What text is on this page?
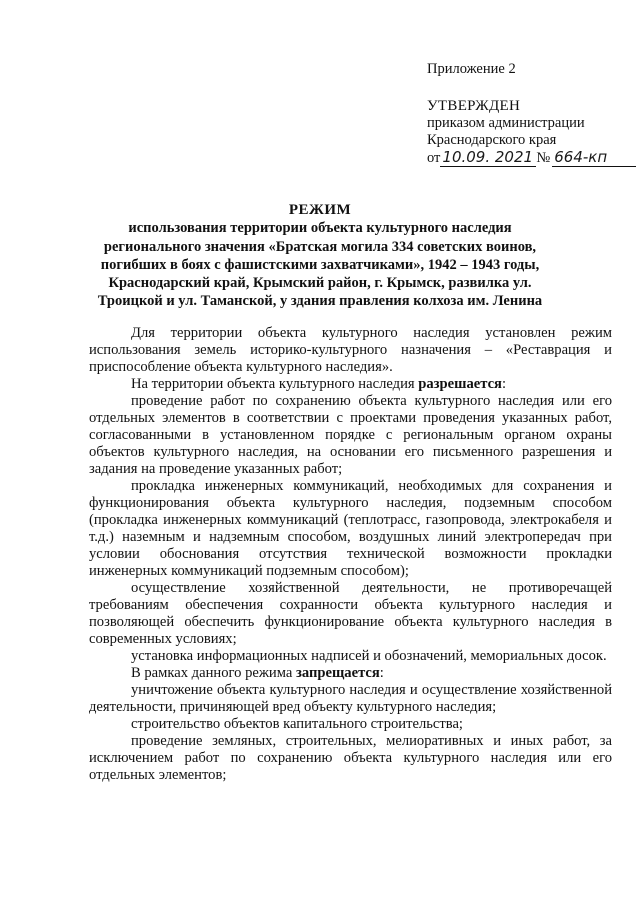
Приложение 2
УТВЕРЖДЕН
приказом администрации
Краснодарского края
от 10.09. 2021 № 664-кп
РЕЖИМ
использования территории объекта культурного наследия регионального значения «Братская могила 334 советских воинов, погибших в боях с фашистскими захватчиками», 1942 – 1943 годы, Краснодарский край, Крымский район, г. Крымск, развилка ул. Троицкой и ул. Таманской, у здания правления колхоза им. Ленина

Для территории объекта культурного наследия установлен режим использования земель историко-культурного назначения – «Реставрация и приспособление объекта культурного наследия».

На территории объекта культурного наследия разрешается:

проведение работ по сохранению объекта культурного наследия или его отдельных элементов в соответствии с проектами проведения указанных работ, согласованными в установленном порядке с региональным органом охраны объектов культурного наследия, на основании его письменного разрешения и задания на проведение указанных работ;

прокладка инженерных коммуникаций, необходимых для сохранения и функционирования объекта культурного наследия, подземным способом (прокладка инженерных коммуникаций (теплотрасс, газопровода, электрокабеля и т.д.) наземным и надземным способом, воздушных линий электропередач при условии обоснования отсутствия технической возможности прокладки инженерных коммуникаций подземным способом);

осуществление хозяйственной деятельности, не противоречащей требованиям обеспечения сохранности объекта культурного наследия и позволяющей обеспечить функционирование объекта культурного наследия в современных условиях;

установка информационных надписей и обозначений, мемориальных досок.

В рамках данного режима запрещается:

уничтожение объекта культурного наследия и осуществление хозяйственной деятельности, причиняющей вред объекту культурного наследия;

строительство объектов капитального строительства;

проведение земляных, строительных, мелиоративных и иных работ, за исключением работ по сохранению объекта культурного наследия или его отдельных элементов;
